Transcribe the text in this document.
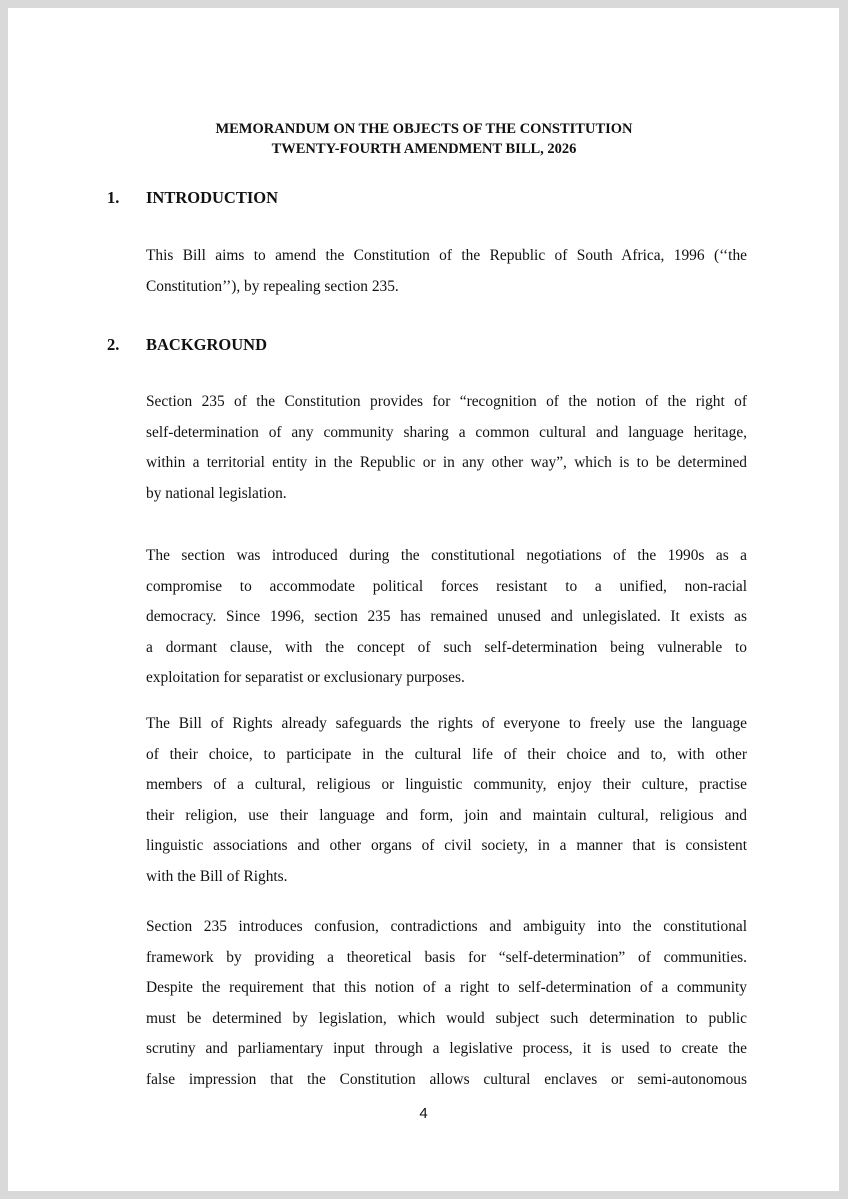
MEMORANDUM ON THE OBJECTS OF THE CONSTITUTION
TWENTY-FOURTH AMENDMENT BILL, 2026
1. INTRODUCTION
This Bill aims to amend the Constitution of the Republic of South Africa, 1996 (‘‘the
Constitution’’), by repealing section 235.
2. BACKGROUND
Section 235 of the Constitution provides for “recognition of the notion of the right of
self-determination of any community sharing a common cultural and language heritage,
within a territorial entity in the Republic or in any other way”, which is to be determined
by national legislation.
The section was introduced during the constitutional negotiations of the 1990s as a
compromise to accommodate political forces resistant to a unified, non-racial
democracy. Since 1996, section 235 has remained unused and unlegislated. It exists as
a dormant clause, with the concept of such self-determination being vulnerable to
exploitation for separatist or exclusionary purposes.
The Bill of Rights already safeguards the rights of everyone to freely use the language
of their choice, to participate in the cultural life of their choice and to, with other
members of a cultural, religious or linguistic community, enjoy their culture, practise
their religion, use their language and form, join and maintain cultural, religious and
linguistic associations and other organs of civil society, in a manner that is consistent
with the Bill of Rights.
Section 235 introduces confusion, contradictions and ambiguity into the constitutional
framework by providing a theoretical basis for “self-determination” of communities.
Despite the requirement that this notion of a right to self-determination of a community
must be determined by legislation, which would subject such determination to public
scrutiny and parliamentary input through a legislative process, it is used to create the
false impression that the Constitution allows cultural enclaves or semi-autonomous
4
